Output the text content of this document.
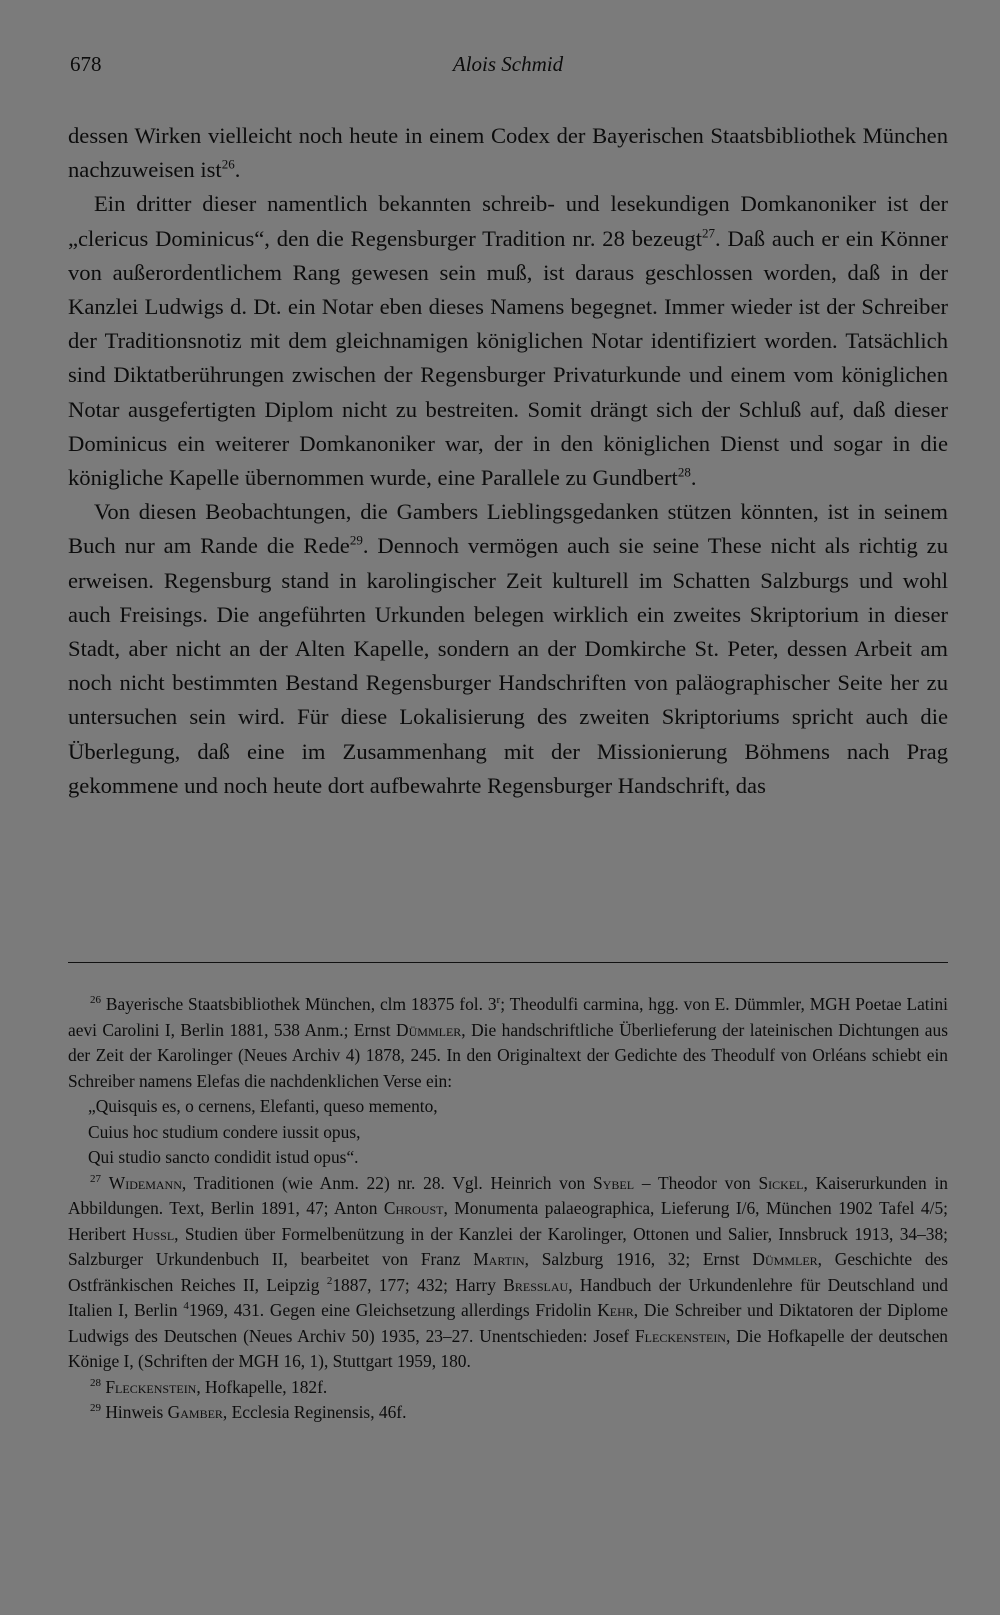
678	Alois Schmid

dessen Wirken vielleicht noch heute in einem Codex der Bayerischen Staatsbibliothek München nachzuweisen ist$^{26}$.

Ein dritter dieser namentlich bekannten schreib- und lesekundigen Domkanoniker ist der „clericus Dominicus“, den die Regensburger Tradition nr. 28 bezeugt$^{27}$. Daß auch er ein Könner von außerordentlichem Rang gewesen sein muß, ist daraus geschlossen worden, daß in der Kanzlei Ludwigs d. Dt. ein Notar eben dieses Namens begegnet. Immer wieder ist der Schreiber der Traditionsnotiz mit dem gleichnamigen königlichen Notar identifiziert worden. Tatsächlich sind Diktatberührungen zwischen der Regensburger Privaturkunde und einem vom königlichen Notar ausgefertigten Diplom nicht zu bestreiten. Somit drängt sich der Schluß auf, daß dieser Dominicus ein weiterer Domkanoniker war, der in den königlichen Dienst und sogar in die königliche Kapelle übernommen wurde, eine Parallele zu Gundbert$^{28}$.

Von diesen Beobachtungen, die Gambers Lieblingsgedanken stützen könnten, ist in seinem Buch nur am Rande die Rede$^{29}$. Dennoch vermögen auch sie seine These nicht als richtig zu erweisen. Regensburg stand in karolingischer Zeit kulturell im Schatten Salzburgs und wohl auch Freisings. Die angeführten Urkunden belegen wirklich ein zweites Skriptorium in dieser Stadt, aber nicht an der Alten Kapelle, sondern an der Domkirche St. Peter, dessen Arbeit am noch nicht bestimmten Bestand Regensburger Handschriften von paläographischer Seite her zu untersuchen sein wird. Für diese Lokalisierung des zweiten Skriptoriums spricht auch die Überlegung, daß eine im Zusammenhang mit der Missionierung Böhmens nach Prag gekommene und noch heute dort aufbewahrte Regensburger Handschrift, das

$^{26}$ Bayerische Staatsbibliothek München, clm 18375 fol. 3$^r$; Theodulfi carmina, hgg. von E. Dümmler, MGH Poetae Latini aevi Carolini I, Berlin 1881, 538 Anm.; Ernst Dümmler, Die handschriftliche Überlieferung der lateinischen Dichtungen aus der Zeit der Karolinger (Neues Archiv 4) 1878, 245. In den Originaltext der Gedichte des Theodulf von Orléans schiebt ein Schreiber namens Elefas die nachdenklichen Verse ein:

„Quisquis es, o cernens, Elefanti, queso memento,

Cuius hoc studium condere iussit opus,

Qui studio sancto condidit istud opus“.

$^{27}$ Widemann, Traditionen (wie Anm. 22) nr. 28. Vgl. Heinrich von Sybel – Theodor von Sickel, Kaiserurkunden in Abbildungen. Text, Berlin 1891, 47; Anton Chroust, Monumenta palaeographica, Lieferung I/6, München 1902 Tafel 4/5; Heribert Hussl, Studien über Formelbenützung in der Kanzlei der Karolinger, Ottonen und Salier, Innsbruck 1913, 34–38; Salzburger Urkundenbuch II, bearbeitet von Franz Martin, Salzburg 1916, 32; Ernst Dümmler, Geschichte des Ostfränkischen Reiches II, Leipzig $^2$1887, 177; 432; Harry Bresslau, Handbuch der Urkundenlehre für Deutschland und Italien I, Berlin $^4$1969, 431. Gegen eine Gleichsetzung allerdings Fridolin Kehr, Die Schreiber und Diktatoren der Diplome Ludwigs des Deutschen (Neues Archiv 50) 1935, 23–27. Unentschieden: Josef Fleckenstein, Die Hofkapelle der deutschen Könige I, (Schriften der MGH 16, 1), Stuttgart 1959, 180.

$^{28}$ Fleckenstein, Hofkapelle, 182f.

$^{29}$ Hinweis Gamber, Ecclesia Reginensis, 46f.
